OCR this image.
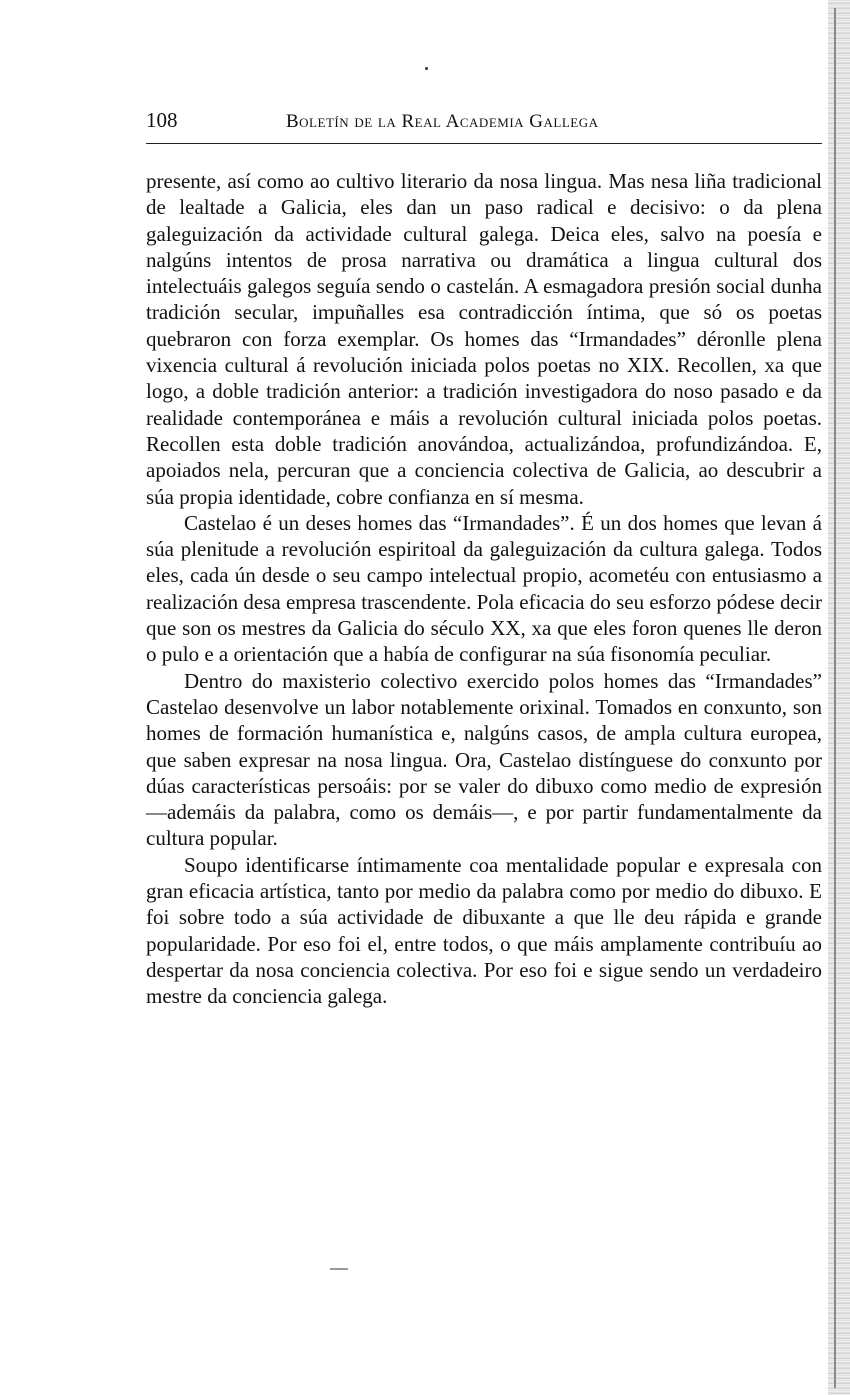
108	Boletín de la Real Academia Gallega

presente, así como ao cultivo literario da nosa lingua. Mas nesa liña tradicional de lealtade a Galicia, eles dan un paso radical e decisivo: o da plena galeguización da actividade cultural galega. Deica eles, salvo na poesía e nalgúns intentos de prosa narrativa ou dramática a lingua cultural dos intelectuáis galegos seguía sendo o castelán. A esmagadora presión social dunha tradición secular, impuñalles esa contradicción íntima, que só os poetas quebraron con forza exemplar. Os homes das “Irmandades” déronlle plena vixencia cultural á revolución iniciada polos poetas no XIX. Recollen, xa que logo, a doble tradición anterior: a tradición investigadora do noso pasado e da realidade contemporánea e máis a revolución cultural iniciada polos poetas. Recollen esta doble tradición anovándoa, actualizándoa, profundizándoa. E, apoiados nela, percuran que a conciencia colectiva de Galicia, ao descubrir a súa propia identidade, cobre confianza en sí mesma.

Castelao é un deses homes das “Irmandades”. É un dos homes que levan á súa plenitude a revolución espiritoal da galeguización da cultura galega. Todos eles, cada ún desde o seu campo intelectual propio, acometéu con entusiasmo a realización desa empresa trascendente. Pola eficacia do seu esforzo pódese decir que son os mestres da Galicia do século XX, xa que eles foron quenes lle deron o pulo e a orientación que a había de configurar na súa fisonomía peculiar.

Dentro do maxisterio colectivo exercido polos homes das “Irmandades” Castelao desenvolve un labor notablemente orixinal. Tomados en conxunto, son homes de formación humanística e, nalgúns casos, de ampla cultura europea, que saben expresar na nosa lingua. Ora, Castelao distínguese do conxunto por dúas características persoáis: por se valer do dibuxo como medio de expresión —ademáis da palabra, como os demáis—, e por partir fundamentalmente da cultura popular.

Soupo identificarse íntimamente coa mentalidade popular e expresala con gran eficacia artística, tanto por medio da palabra como por medio do dibuxo. E foi sobre todo a súa actividade de dibuxante a que lle deu rápida e grande popularidade. Por eso foi el, entre todos, o que máis amplamente contribuíu ao despertar da nosa conciencia colectiva. Por eso foi e sigue sendo un verdadeiro mestre da conciencia galega.
